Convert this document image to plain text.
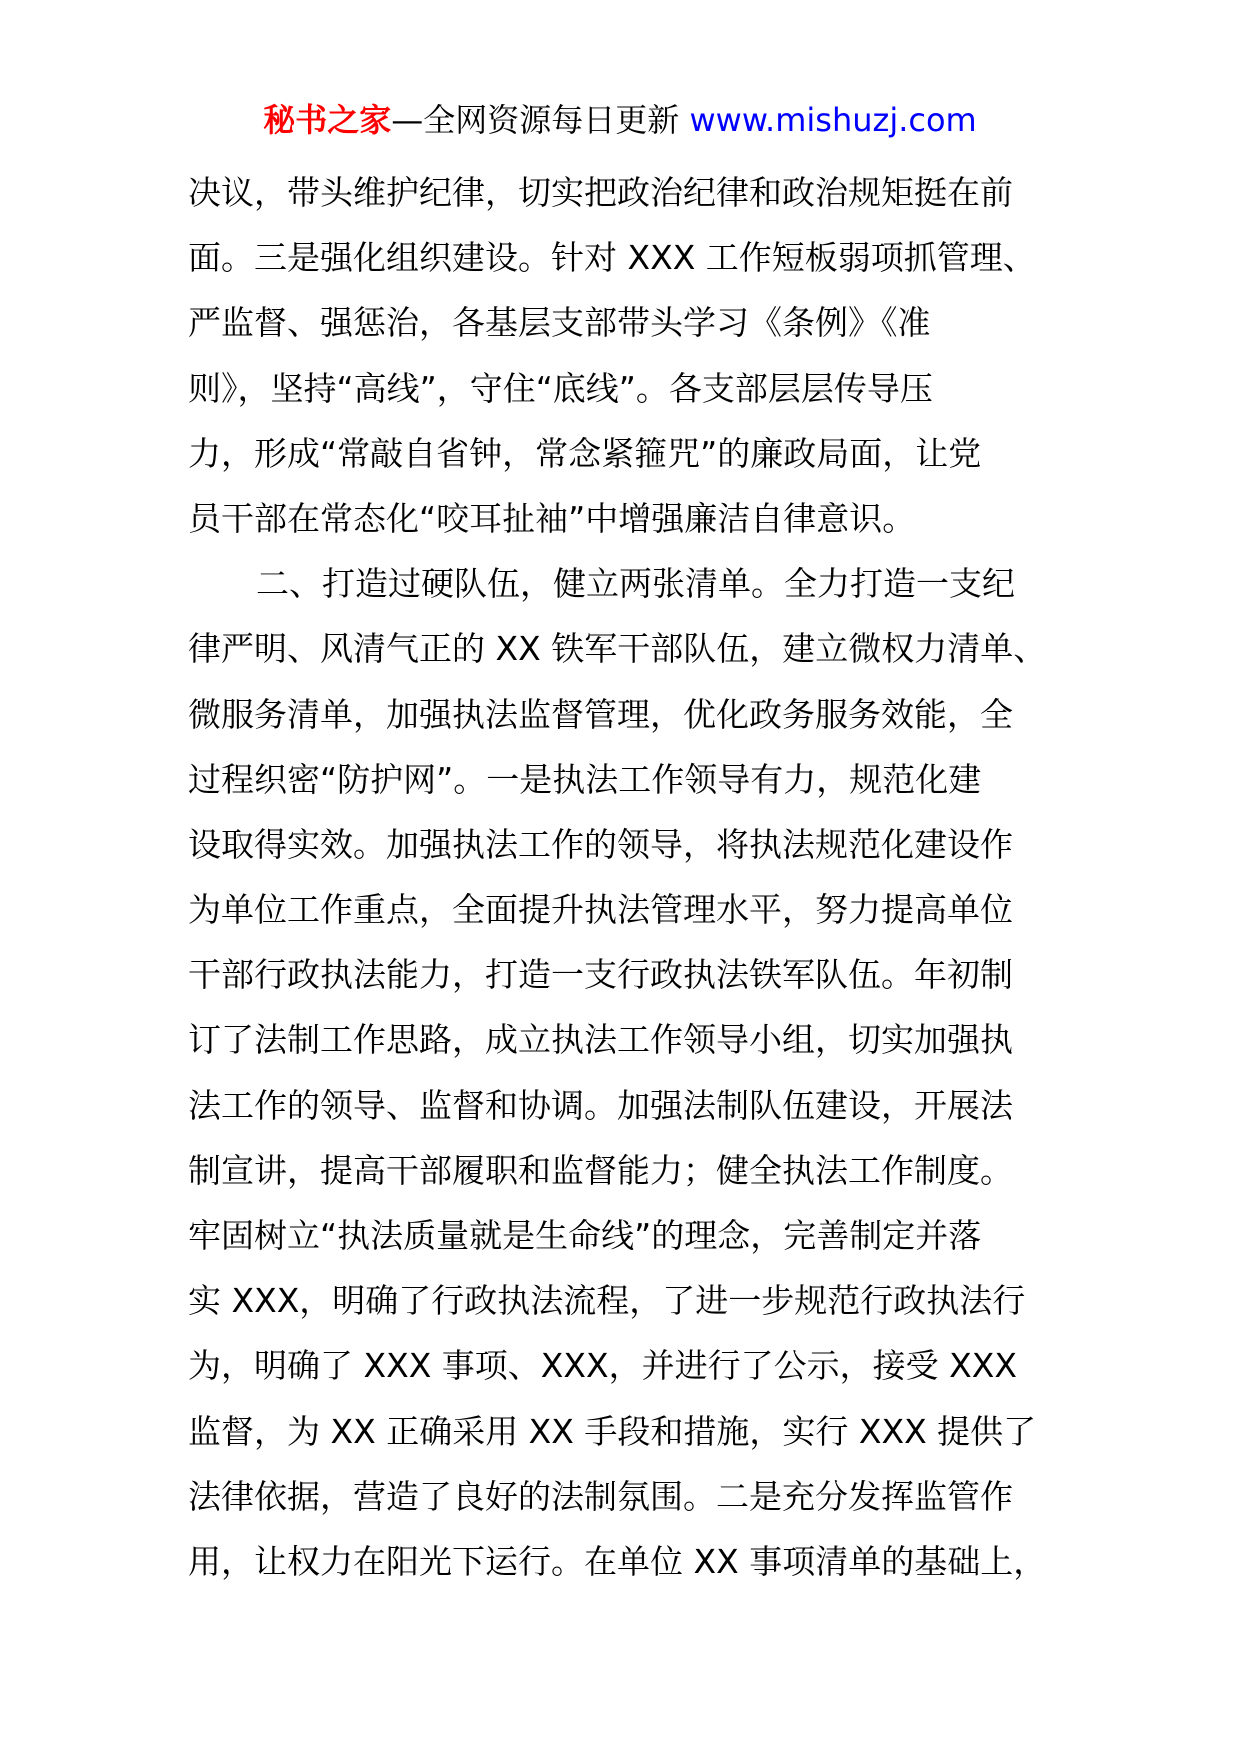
秘书之家—全网资源每日更新 www.mishuzj.com
决议，带头维护纪律，切实把政治纪律和政治规矩挺在前
面。三是强化组织建设。针对 XXX 工作短板弱项抓管理、
严监督、强惩治，各基层支部带头学习《条例》《准
则》，坚持“高线”，守住“底线”。各支部层层传导压
力，形成“常敲自省钟，常念紧箍咒”的廉政局面，让党
员干部在常态化“咬耳扯袖”中增强廉洁自律意识。
二、打造过硬队伍，健立两张清单。全力打造一支纪
律严明、风清气正的 XX 铁军干部队伍，建立微权力清单、
微服务清单，加强执法监督管理，优化政务服务效能，全
过程织密“防护网”。一是执法工作领导有力，规范化建
设取得实效。加强执法工作的领导，将执法规范化建设作
为单位工作重点，全面提升执法管理水平，努力提高单位
干部行政执法能力，打造一支行政执法铁军队伍。年初制
订了法制工作思路，成立执法工作领导小组，切实加强执
法工作的领导、监督和协调。加强法制队伍建设，开展法
制宣讲，提高干部履职和监督能力；健全执法工作制度。
牢固树立“执法质量就是生命线”的理念，完善制定并落
实 XXX，明确了行政执法流程，了进一步规范行政执法行
为，明确了 XXX 事项、XXX，并进行了公示，接受 XXX
监督，为 XX 正确采用 XX 手段和措施，实行 XXX 提供了
法律依据，营造了良好的法制氛围。二是充分发挥监管作
用，让权力在阳光下运行。在单位 XX 事项清单的基础上，
